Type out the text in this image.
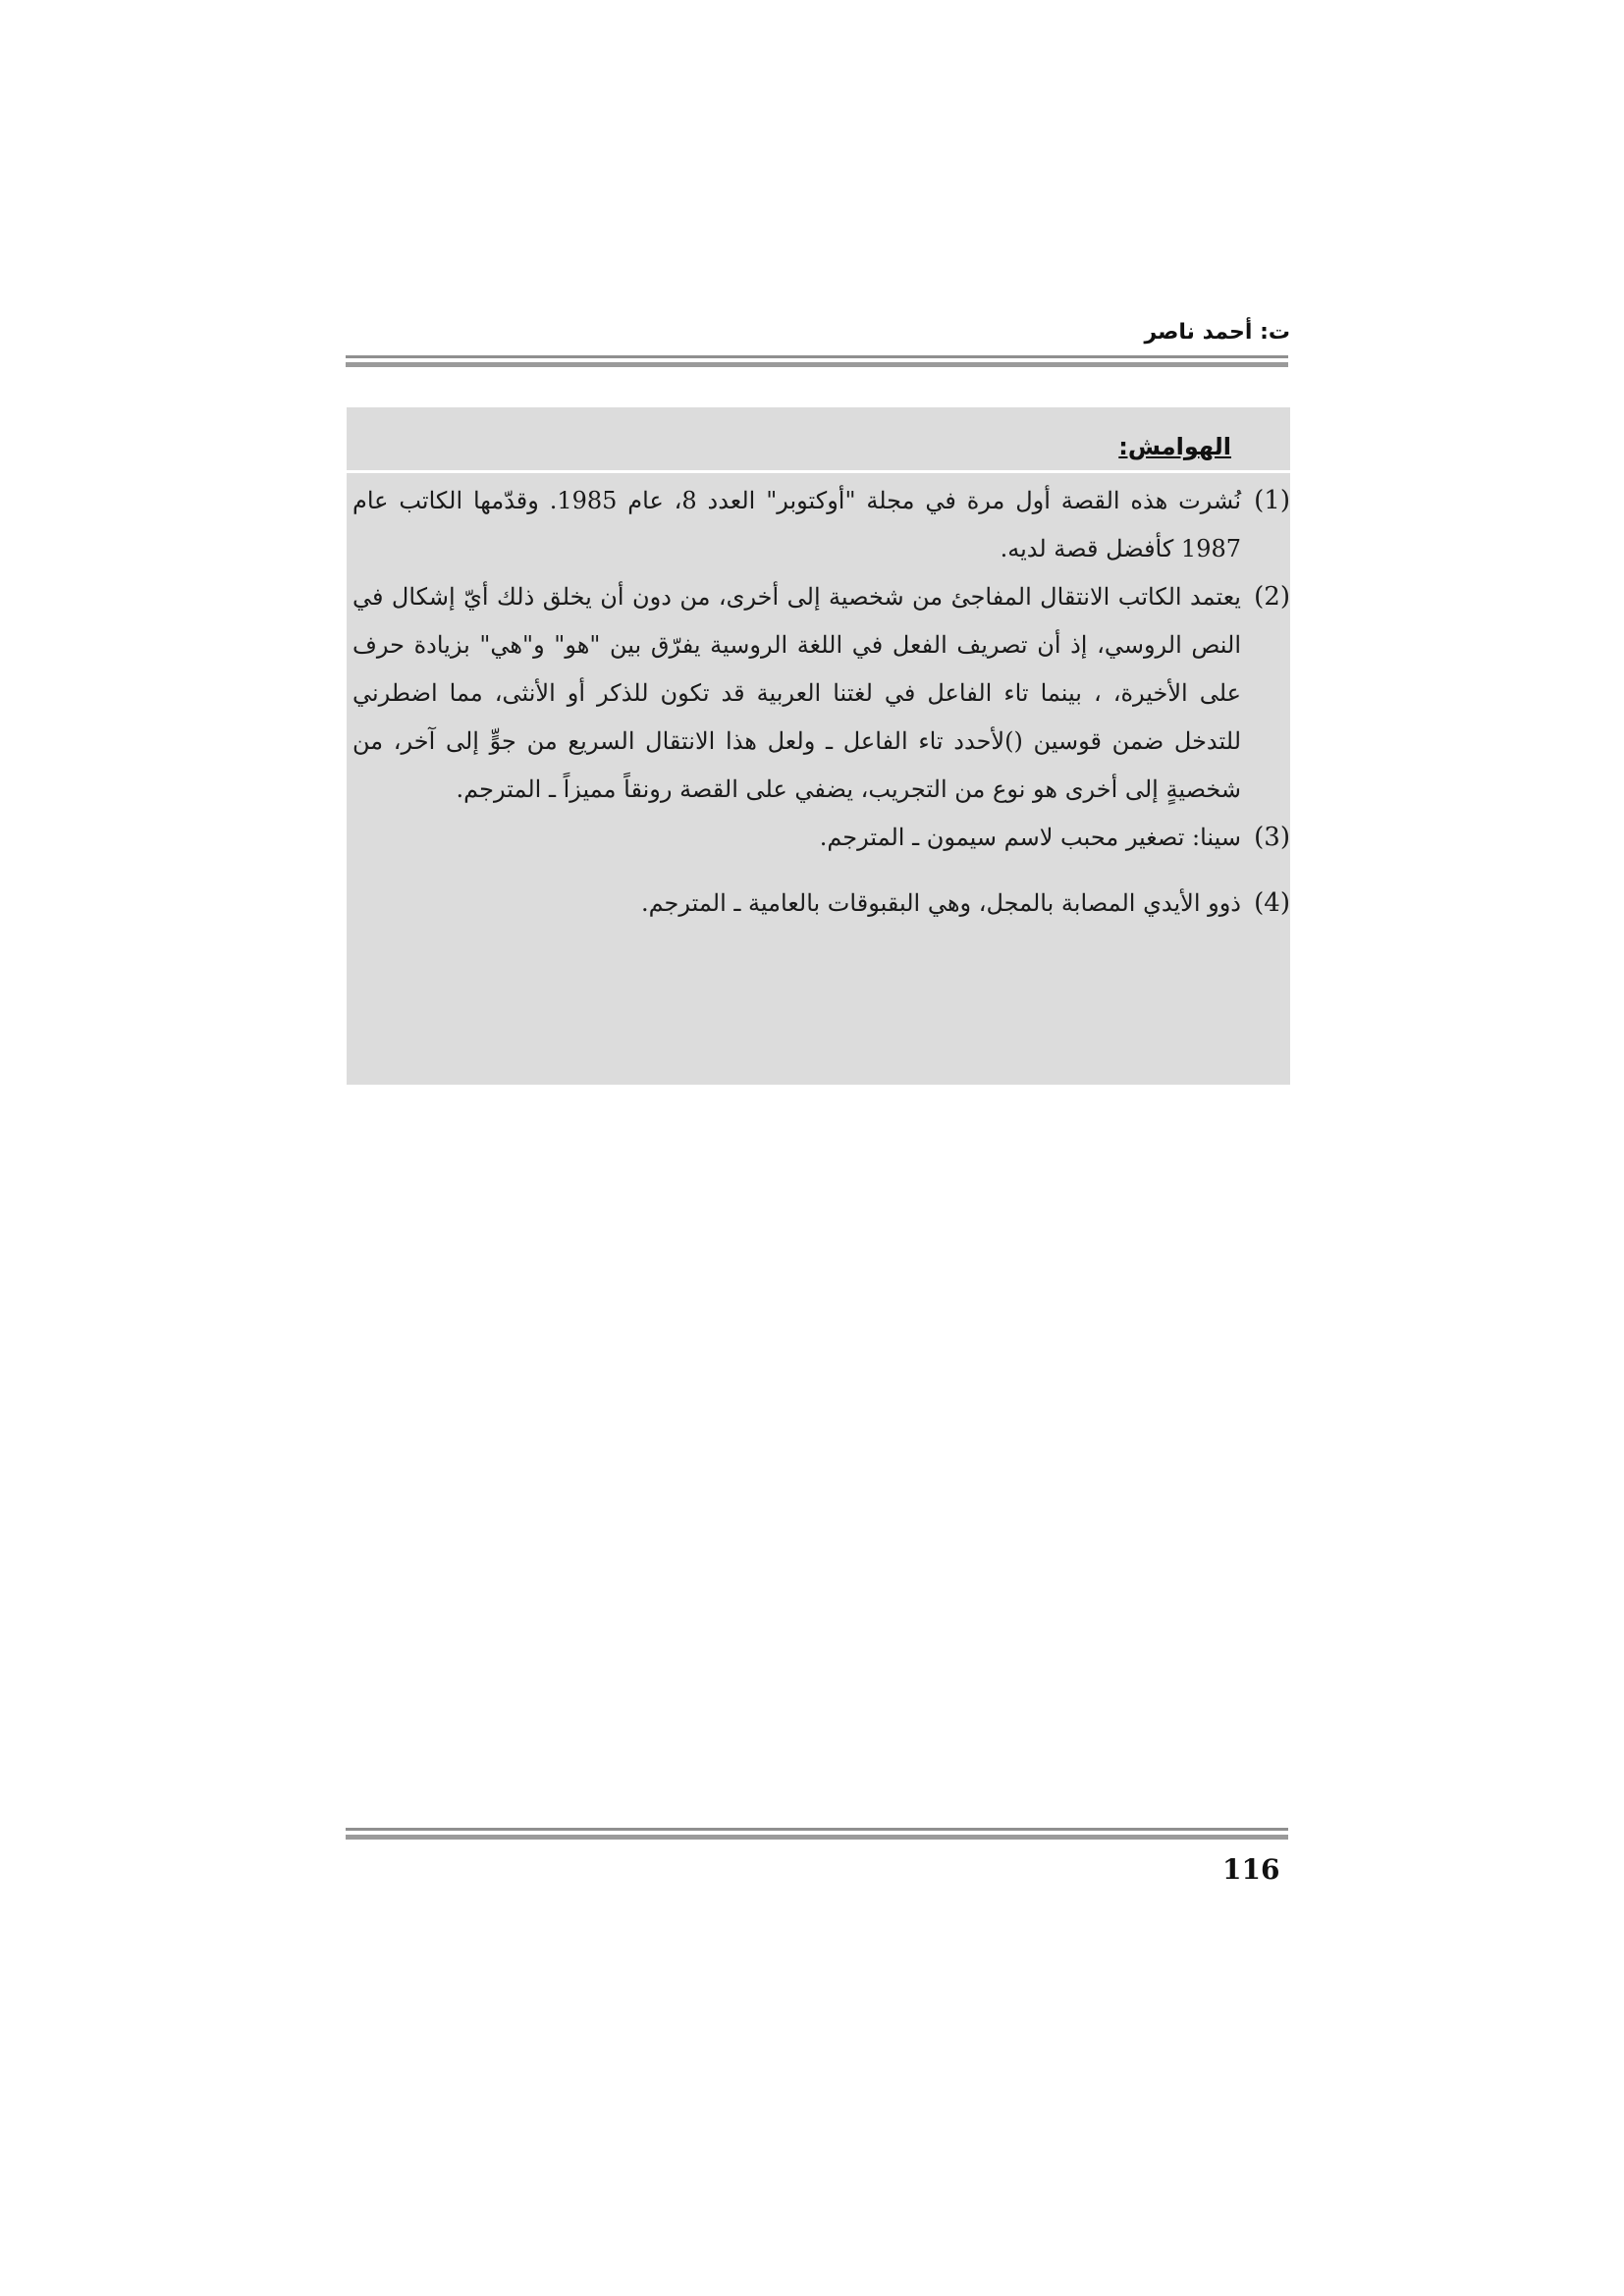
ت: أحمد ناصر
الهوامش:
(1)
نُشرت هذه القصة أول مرة في مجلة "أوكتوبر" العدد 8، عام 1985. وقدّمها الكاتب عام 1987 كأفضل قصة لديه.
(2)
يعتمد الكاتب الانتقال المفاجئ من شخصية إلى أخرى، من دون أن يخلق ذلك أيّ إشكال في النص الروسي، إذ أن تصريف الفعل في اللغة الروسية يفرّق بين "هو" و"هي" بزيادة حرف على الأخيرة، ، بينما تاء الفاعل في لغتنا العربية قد تكون للذكر أو الأنثى، مما اضطرني للتدخل ضمن قوسين ()لأحدد تاء الفاعل ـ ولعل هذا الانتقال السريع من جوٍّ إلى آخر، من شخصيةٍ إلى أخرى هو نوع من التجريب، يضفي على القصة رونقاً مميزاً ـ المترجم.
(3)
سينا: تصغير محبب لاسم سيمون ـ المترجم.
(4)
ذوو الأيدي المصابة بالمجل، وهي البقبوقات بالعامية ـ المترجم.
116
